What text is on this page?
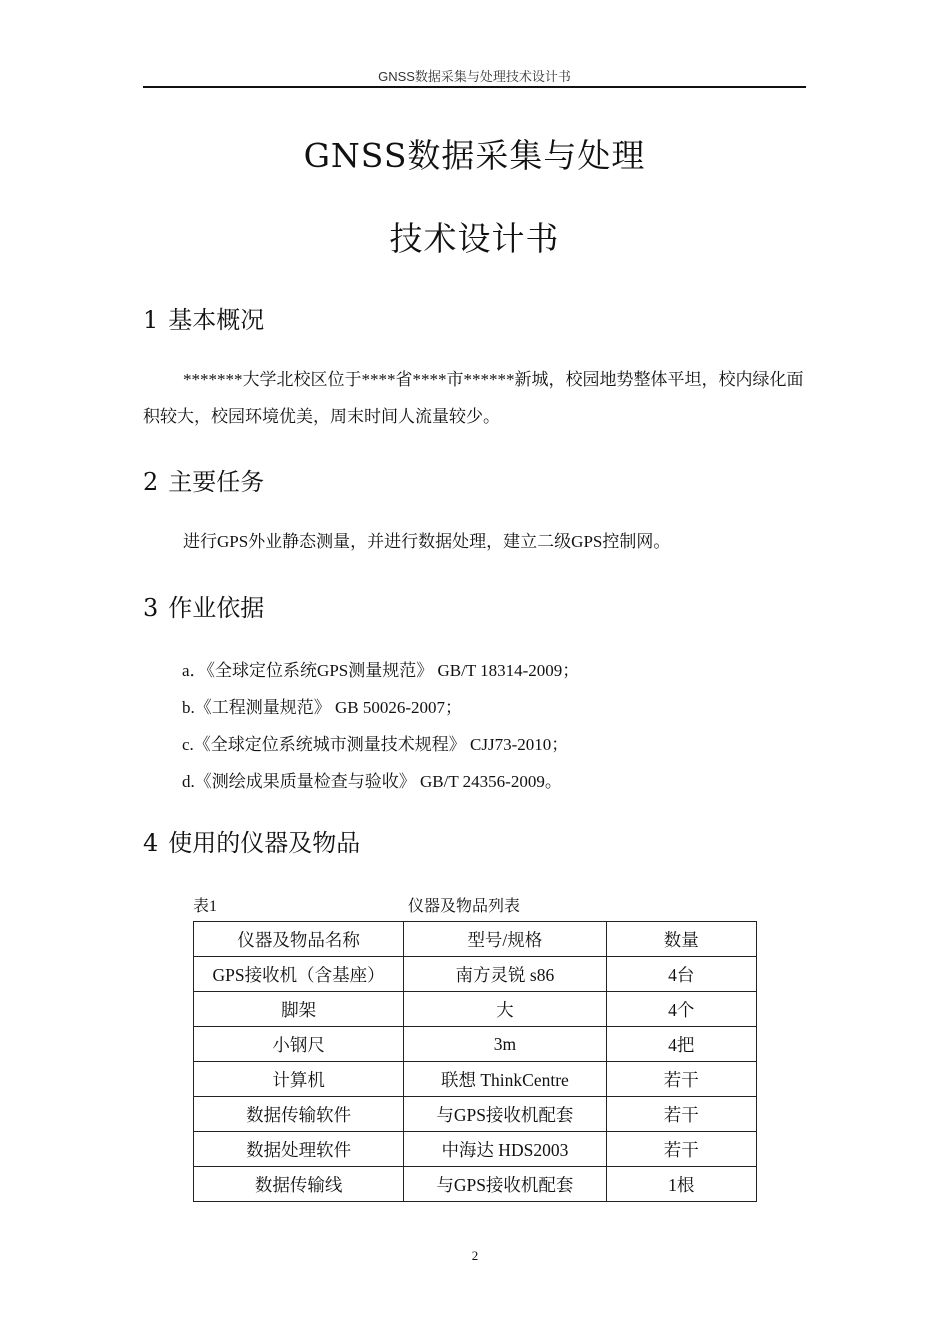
GNSS数据采集与处理技术设计书
GNSS数据采集与处理
技术设计书
1 基本概况

*******大学北校区位于****省****市******新城，校园地势整体平坦，校内绿化面积较大，校园环境优美，周末时间人流量较少。

2 主要任务

进行GPS外业静态测量，并进行数据处理，建立二级GPS控制网。

3 作业依据

a．《全球定位系统GPS测量规范》 GB/T 18314-2009；

b.《工程测量规范》 GB 50026-2007；

c.《全球定位系统城市测量技术规程》 CJJ73-2010；

d.《测绘成果质量检查与验收》 GB/T 24356-2009。

4 使用的仪器及物品
表1	仪器及物品列表
仪器及物品名称	型号/规格	数量
GPS接收机（含基座）	南方灵锐 s86	4台
脚架	大	4个
小钢尺	3m	4把
计算机	联想 ThinkCentre	若干
数据传输软件	与GPS接收机配套	若干
数据处理软件	中海达 HDS2003	若干
数据传输线	与GPS接收机配套	1根
2
